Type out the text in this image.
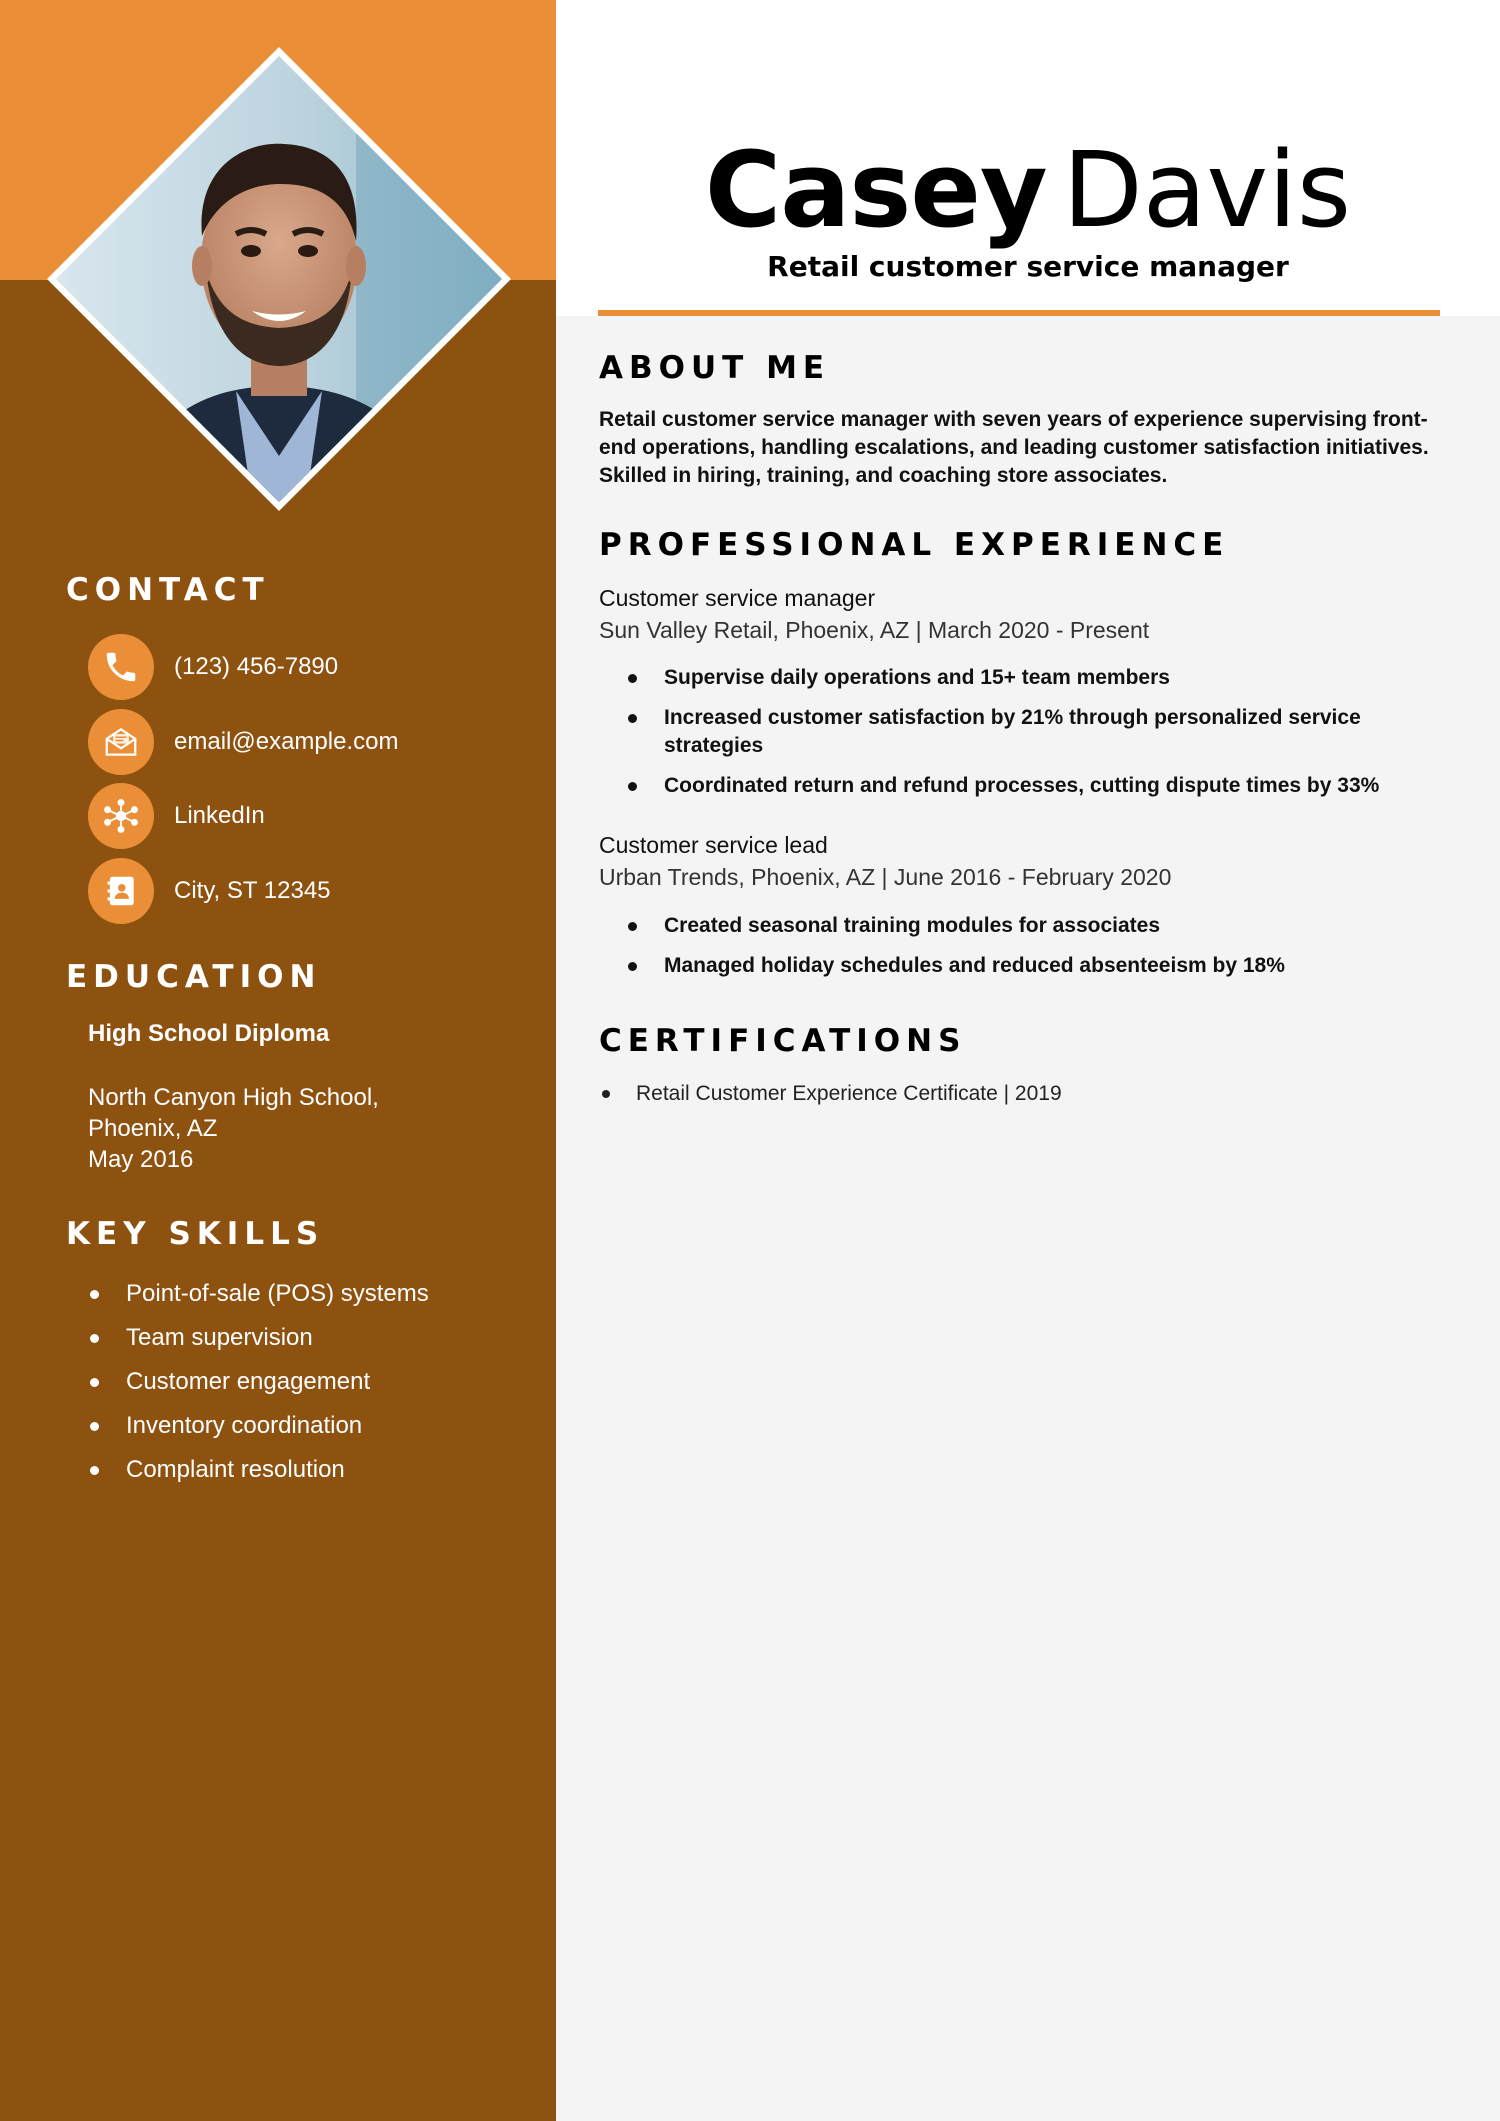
CONTACT
(123) 456-7890
email@example.com
LinkedIn
City, ST 12345
EDUCATION
High School Diploma
North Canyon High School,
Phoenix, AZ
May 2016
KEY SKILLS
Point-of-sale (POS) systems
Team supervision
Customer engagement
Inventory coordination
Complaint resolution
Casey Davis
Retail customer service manager
ABOUT ME
Retail customer service manager with seven years of experience supervising front-end operations, handling escalations, and leading customer satisfaction initiatives. Skilled in hiring, training, and coaching store associates.
PROFESSIONAL EXPERIENCE
Customer service manager
Sun Valley Retail, Phoenix, AZ | March 2020 - Present
Supervise daily operations and 15+ team members
Increased customer satisfaction by 21% through personalized service strategies
Coordinated return and refund processes, cutting dispute times by 33%
Customer service lead
Urban Trends, Phoenix, AZ | June 2016 - February 2020
Created seasonal training modules for associates
Managed holiday schedules and reduced absenteeism by 18%
CERTIFICATIONS
Retail Customer Experience Certificate | 2019
